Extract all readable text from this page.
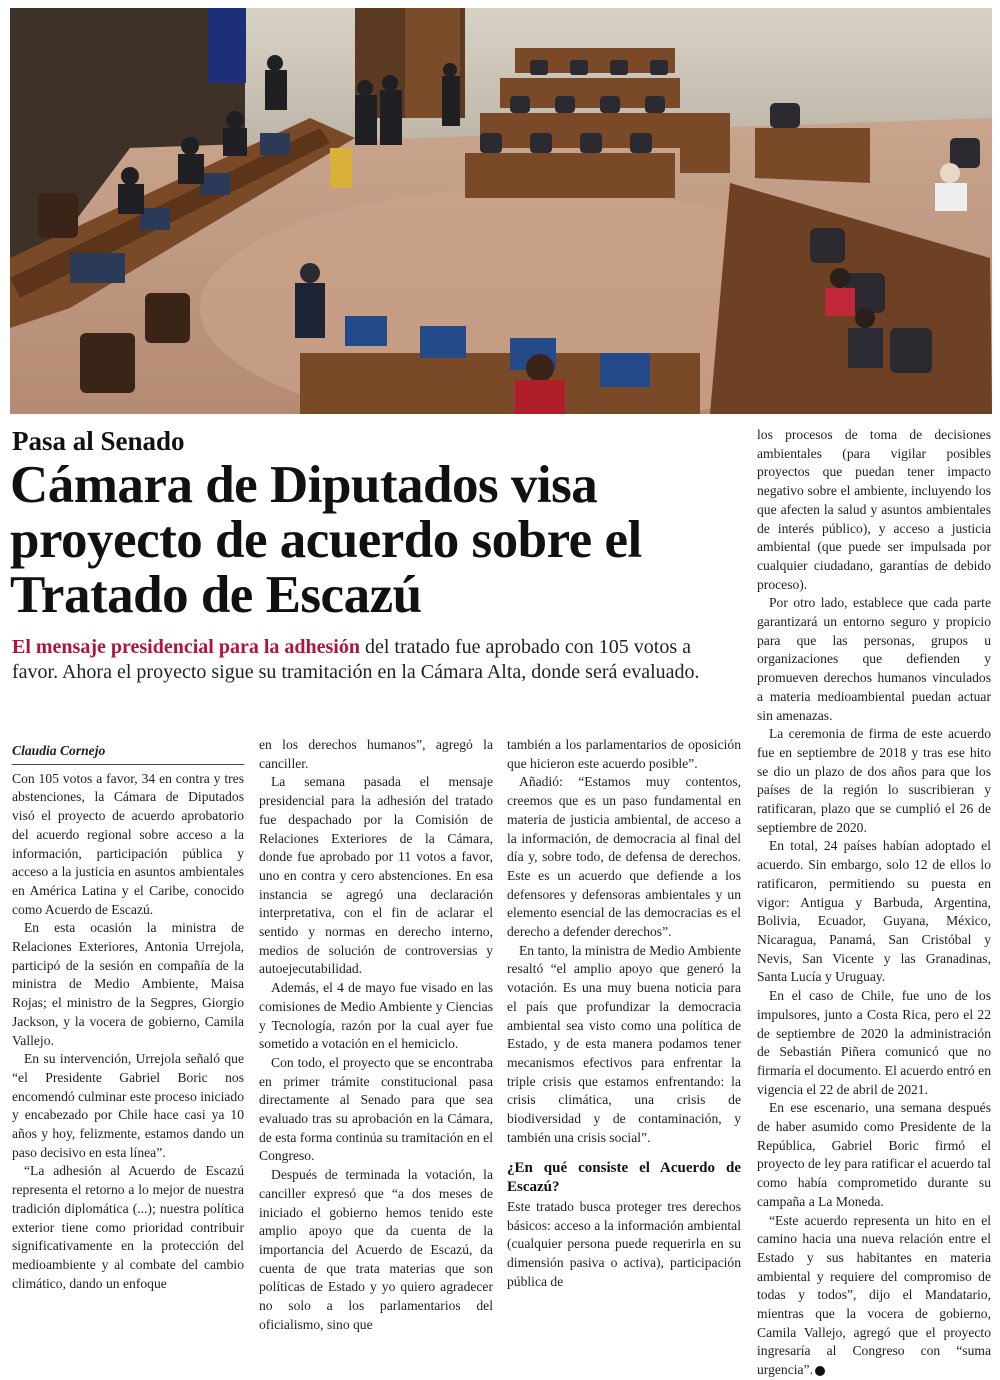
Pasa al Senado
Cámara de Diputados visa proyecto de acuerdo sobre el Tratado de Escazú

El mensaje presidencial para la adhesión del tratado fue aprobado con 105 votos a favor. Ahora el proyecto sigue su tramitación en la Cámara Alta, donde será evaluado.

Claudia Cornejo

Con 105 votos a favor, 34 en contra y tres abstenciones, la Cámara de Diputados visó el proyecto de acuerdo aprobatorio del acuerdo regional sobre acceso a la información, participación pública y acceso a la justicia en asuntos ambientales en América Latina y el Caribe, conocido como Acuerdo de Escazú.

En esta ocasión la ministra de Relaciones Exteriores, Antonia Urrejola, participó de la sesión en compañía de la ministra de Medio Ambiente, Maisa Rojas; el ministro de la Segpres, Giorgio Jackson, y la vocera de gobierno, Camila Vallejo.

En su intervención, Urrejola señaló que “el Presidente Gabriel Boric nos encomendó culminar este proceso iniciado y encabezado por Chile hace casi ya 10 años y hoy, felizmente, estamos dando un paso decisivo en esta línea”.

“La adhesión al Acuerdo de Escazú representa el retorno a lo mejor de nuestra tradición diplomática (...); nuestra política exterior tiene como prioridad contribuir significativamente en la protección del medioambiente y al combate del cambio climático, dando un enfoque

en los derechos humanos”, agregó la canciller.

La semana pasada el mensaje presidencial para la adhesión del tratado fue despachado por la Comisión de Relaciones Exteriores de la Cámara, donde fue aprobado por 11 votos a favor, uno en contra y cero abstenciones. En esa instancia se agregó una declaración interpretativa, con el fin de aclarar el sentido y normas en derecho interno, medios de solución de controversias y autoejecutabilidad.

Además, el 4 de mayo fue visado en las comisiones de Medio Ambiente y Ciencias y Tecnología, razón por la cual ayer fue sometido a votación en el hemiciclo.

Con todo, el proyecto que se encontraba en primer trámite constitucional pasa directamente al Senado para que sea evaluado tras su aprobación en la Cámara, de esta forma continúa su tramitación en el Congreso.

Después de terminada la votación, la canciller expresó que “a dos meses de iniciado el gobierno hemos tenido este amplio apoyo que da cuenta de la importancia del Acuerdo de Escazú, da cuenta de que trata materias que son políticas de Estado y yo quiero agradecer no solo a los parlamentarios del oficialismo, sino que

también a los parlamentarios de oposición que hicieron este acuerdo posible”.

Añadió: “Estamos muy contentos, creemos que es un paso fundamental en materia de justicia ambiental, de acceso a la información, de democracia al final del día y, sobre todo, de defensa de derechos. Este es un acuerdo que defiende a los defensores y defensoras ambientales y un elemento esencial de las democracias es el derecho a defender derechos”.

En tanto, la ministra de Medio Ambiente resaltó “el amplio apoyo que generó la votación. Es una muy buena noticia para el país que profundizar la democracia ambiental sea visto como una política de Estado, y de esta manera podamos tener mecanismos efectivos para enfrentar la triple crisis que estamos enfrentando: la crisis climática, una crisis de biodiversidad y de contaminación, y también una crisis social”.

¿En qué consiste el Acuerdo de Escazú?

Este tratado busca proteger tres derechos básicos: acceso a la información ambiental (cualquier persona puede requerirla en su dimensión pasiva o activa), participación pública de

los procesos de toma de decisiones ambientales (para vigilar posibles proyectos que puedan tener impacto negativo sobre el ambiente, incluyendo los que afecten la salud y asuntos ambientales de interés público), y acceso a justicia ambiental (que puede ser impulsada por cualquier ciudadano, garantías de debido proceso).

Por otro lado, establece que cada parte garantizará un entorno seguro y propicio para que las personas, grupos u organizaciones que defienden y promueven derechos humanos vinculados a materia medioambiental puedan actuar sin amenazas.

La ceremonia de firma de este acuerdo fue en septiembre de 2018 y tras ese hito se dio un plazo de dos años para que los países de la región lo suscribieran y ratificaran, plazo que se cumplió el 26 de septiembre de 2020.

En total, 24 países habían adoptado el acuerdo. Sin embargo, solo 12 de ellos lo ratificaron, permitiendo su puesta en vigor: Antigua y Barbuda, Argentina, Bolivia, Ecuador, Guyana, México, Nicaragua, Panamá, San Cristóbal y Nevis, San Vicente y las Granadinas, Santa Lucía y Uruguay.

En el caso de Chile, fue uno de los impulsores, junto a Costa Rica, pero el 22 de septiembre de 2020 la administración de Sebastián Piñera comunicó que no firmaría el documento. El acuerdo entró en vigencia el 22 de abril de 2021.

En ese escenario, una semana después de haber asumido como Presidente de la República, Gabriel Boric firmó el proyecto de ley para ratificar el acuerdo tal como había comprometido durante su campaña a La Moneda.

“Este acuerdo representa un hito en el camino hacia una nueva relación entre el Estado y sus habitantes en materia ambiental y requiere del compromiso de todas y todos”, dijo el Mandatario, mientras que la vocera de gobierno, Camila Vallejo, agregó que el proyecto ingresaría al Congreso con “suma urgencia”.
